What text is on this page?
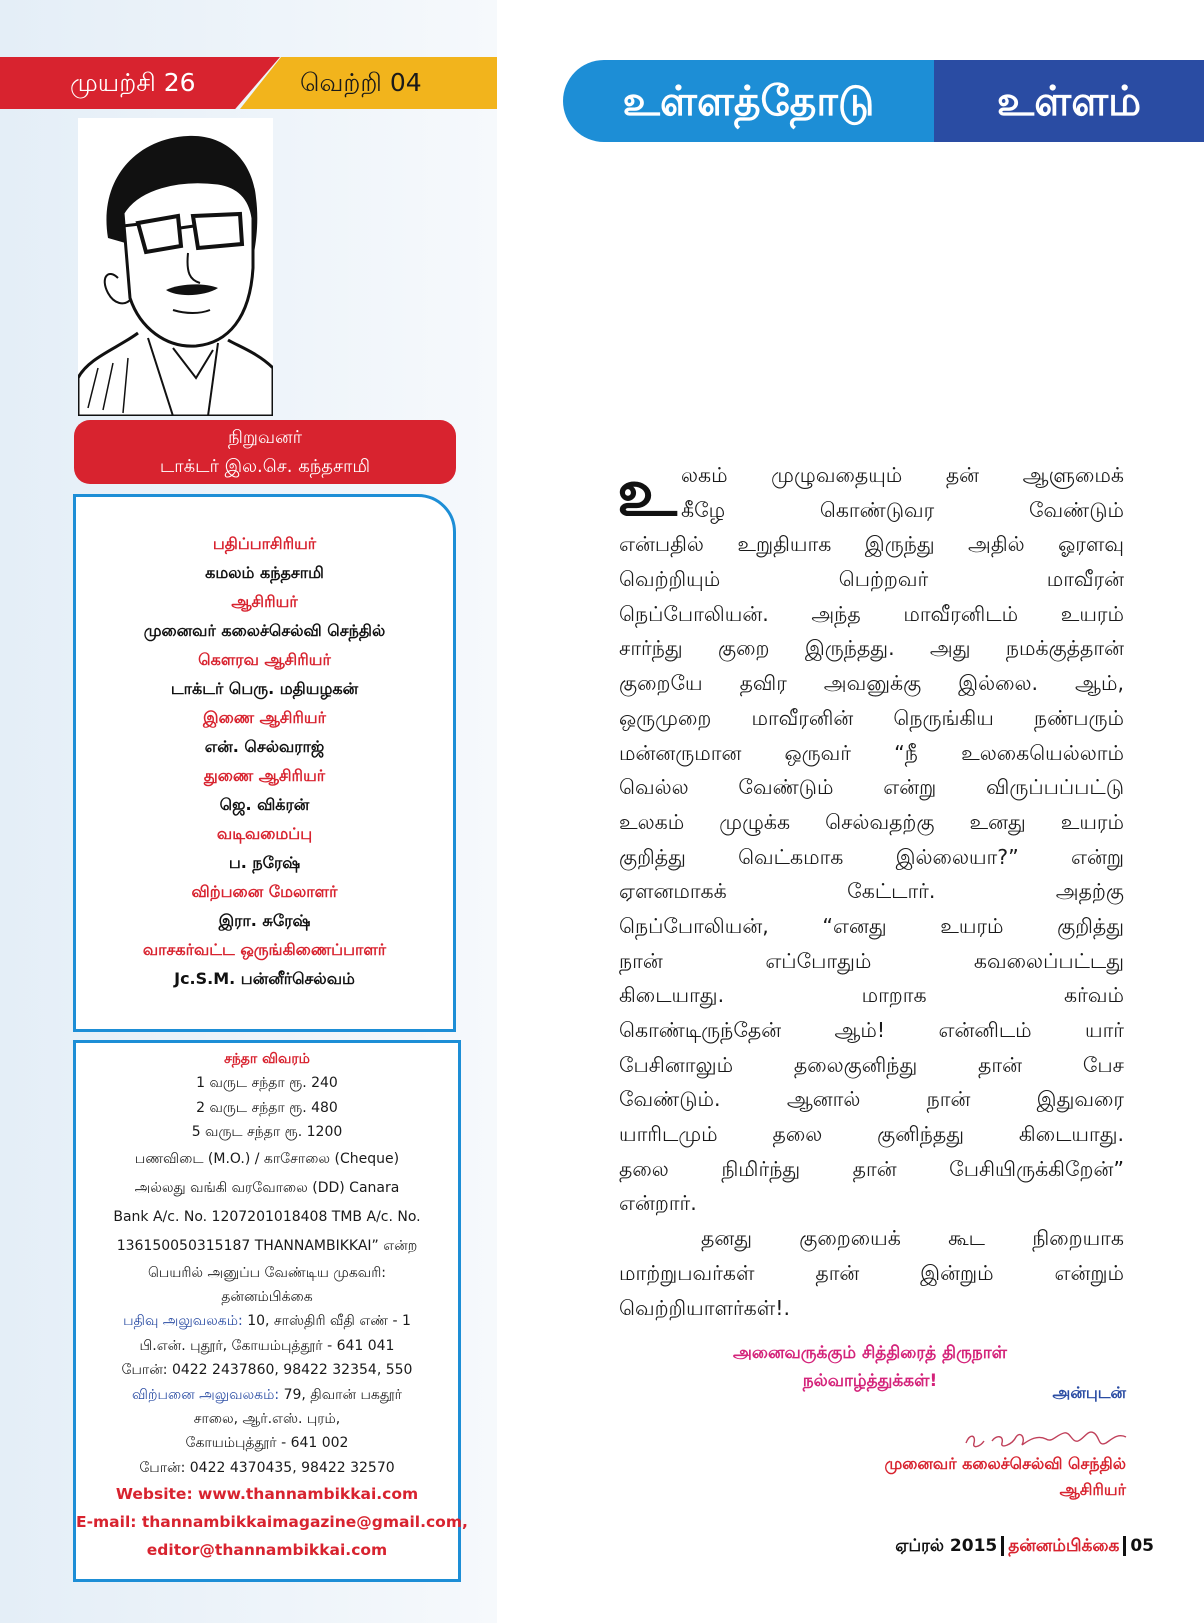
முயற்சி 26	வெற்றி 04	உள்ளத்தோடு	உள்ளம்
நிறுவனர்
டாக்டர் இல.செ. கந்தசாமி
பதிப்பாசிரியர்
கமலம் கந்தசாமி
ஆசிரியர்
முனைவர் கலைச்செல்வி செந்தில்
கௌரவ ஆசிரியர்
டாக்டர் பெரு. மதியழகன்
இணை ஆசிரியர்
என். செல்வராஜ்
துணை ஆசிரியர்
ஜெ. விக்ரன்
வடிவமைப்பு
ப. நரேஷ்
விற்பனை மேலாளர்
இரா. சுரேஷ்
வாசகர்வட்ட ஒருங்கிணைப்பாளர்
Jc.S.M. பன்னீர்செல்வம்
சந்தா விவரம்
1 வருட சந்தா ரூ. 240
2 வருட சந்தா ரூ. 480
5 வருட சந்தா ரூ. 1200
பணவிடை (M.O.) / காசோலை (Cheque)
அல்லது வங்கி வரவோலை (DD) Canara
Bank A/c. No. 1207201018408 TMB A/c. No.
136150050315187 THANNAMBIKKAI” என்ற
பெயரில் அனுப்ப வேண்டிய முகவரி:
தன்னம்பிக்கை
பதிவு அலுவலகம்: 10, சாஸ்திரி வீதி எண் - 1
பி.என். புதூர், கோயம்புத்தூர் - 641 041
போன்: 0422 2437860, 98422 32354, 550
விற்பனை அலுவலகம்: 79, திவான் பகதூர்
சாலை, ஆர்.எஸ். புரம்,
கோயம்புத்தூர் - 641 002
போன்: 0422 4370435, 98422 32570
Website: www.thannambikkai.com
E-mail: thannambikkaimagazine@gmail.com,
editor@thannambikkai.com
உ லகம் முழுவதையும் தன் ஆளுமைக்
கீழே கொண்டுவர வேண்டும்
என்பதில் உறுதியாக இருந்து அதில் ஓரளவு
வெற்றியும் பெற்றவர் மாவீரன்
நெப்போலியன். அந்த மாவீரனிடம் உயரம்
சார்ந்து குறை இருந்தது. அது நமக்குத்தான்
குறையே தவிர அவனுக்கு இல்லை. ஆம்,
ஒருமுறை மாவீரனின் நெருங்கிய நண்பரும்
மன்னருமான ஒருவர் “நீ உலகையெல்லாம்
வெல்ல வேண்டும் என்று விருப்பப்பட்டு
உலகம் முழுக்க செல்வதற்கு உனது உயரம்
குறித்து வெட்கமாக இல்லையா?” என்று
ஏளனமாகக் கேட்டார். அதற்கு
நெப்போலியன், “எனது உயரம் குறித்து
நான் எப்போதும் கவலைப்பட்டது
கிடையாது. மாறாக கர்வம்
கொண்டிருந்தேன் ஆம்! என்னிடம் யார்
பேசினாலும் தலைகுனிந்து தான் பேச
வேண்டும். ஆனால் நான் இதுவரை
யாரிடமும் தலை குனிந்தது கிடையாது.
தலை நிமிர்ந்து தான் பேசியிருக்கிறேன்”
என்றார்.
தனது குறையைக் கூட நிறையாக
மாற்றுபவர்கள் தான் இன்றும் என்றும்
வெற்றியாளர்கள்!.
அனைவருக்கும் சித்திரைத் திருநாள்
நல்வாழ்த்துக்கள்!
அன்புடன்
முனைவர் கலைச்செல்வி செந்தில்
ஆசிரியர்
ஏப்ரல் 2015 தன்னம்பிக்கை 05
